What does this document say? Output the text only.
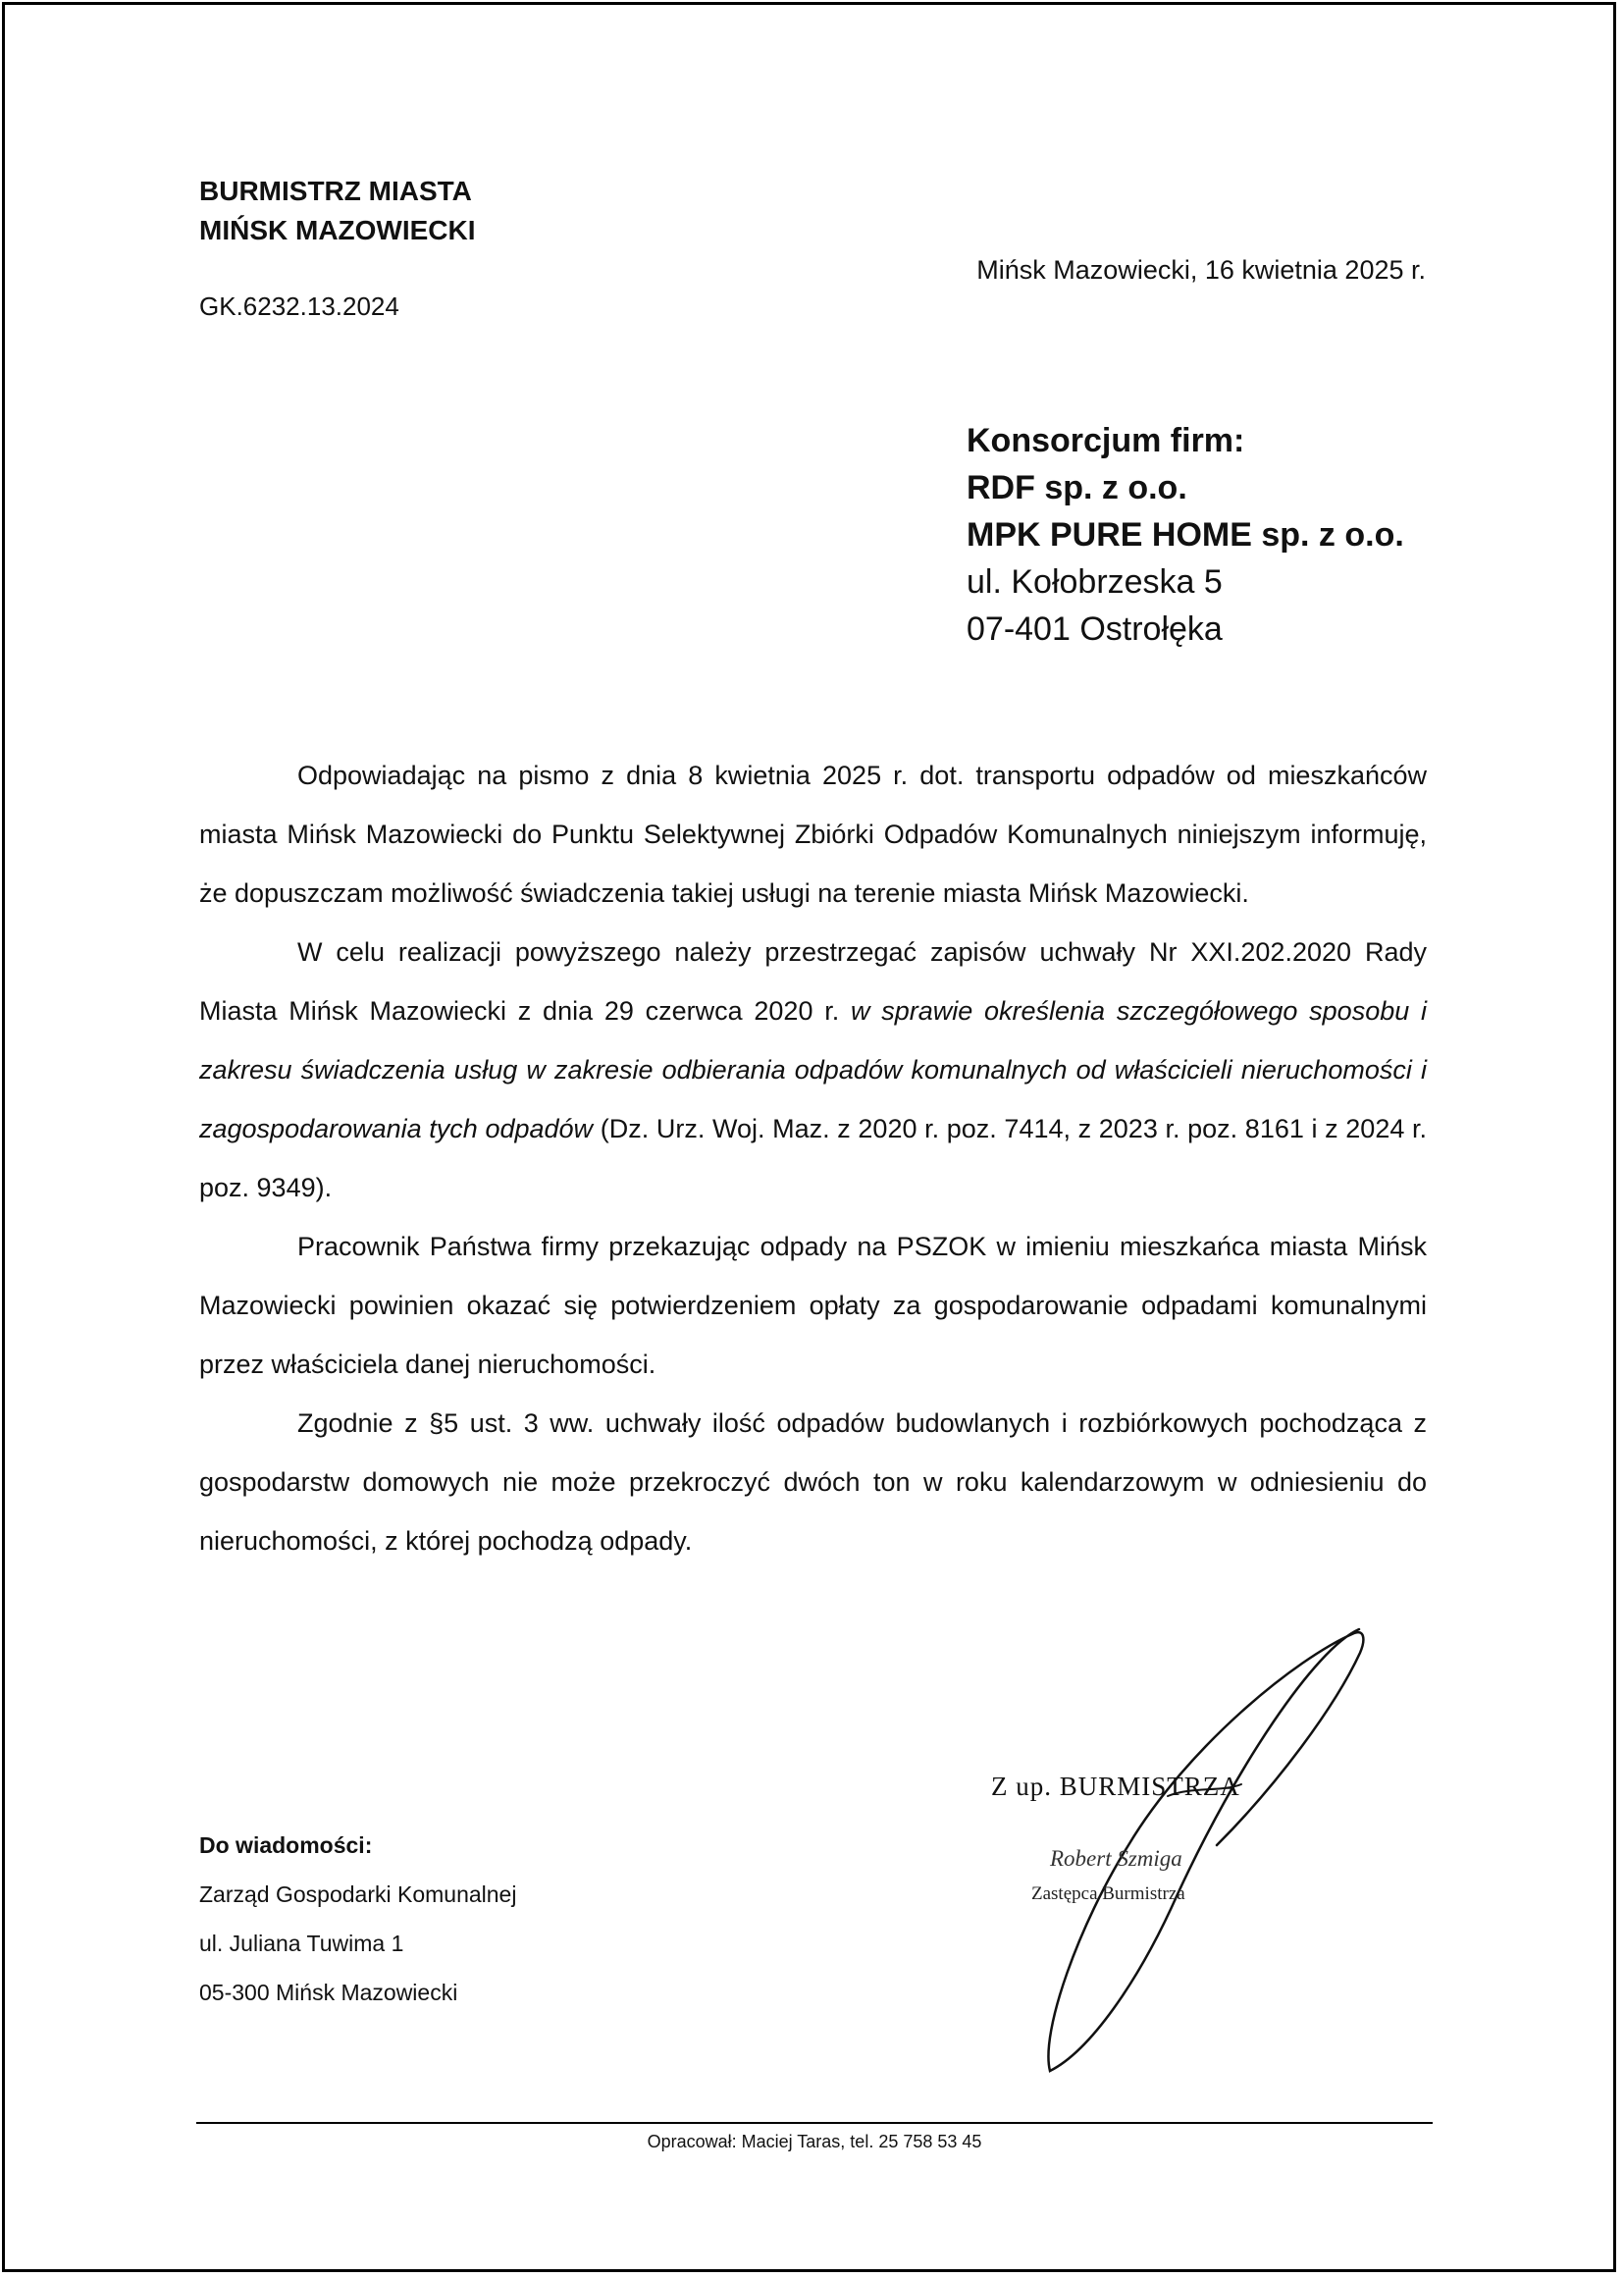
BURMISTRZ MIASTA
MIŃSK MAZOWIECKI
GK.6232.13.2024
Mińsk Mazowiecki, 16 kwietnia 2025 r.
Konsorcjum firm:
RDF sp. z o.o.
MPK PURE HOME sp. z o.o.
ul. Kołobrzeska 5
07-401 Ostrołęka

Odpowiadając na pismo z dnia 8 kwietnia 2025 r. dot. transportu odpadów od mieszkańców miasta Mińsk Mazowiecki do Punktu Selektywnej Zbiórki Odpadów Komunalnych niniejszym informuję, że dopuszczam możliwość świadczenia takiej usługi na terenie miasta Mińsk Mazowiecki.

W celu realizacji powyższego należy przestrzegać zapisów uchwały Nr XXI.202.2020 Rady Miasta Mińsk Mazowiecki z dnia 29 czerwca 2020 r. w sprawie określenia szczegółowego sposobu i zakresu świadczenia usług w zakresie odbierania odpadów komunalnych od właścicieli nieruchomości i zagospodarowania tych odpadów (Dz. Urz. Woj. Maz. z 2020 r. poz. 7414, z 2023 r. poz. 8161 i z 2024 r. poz. 9349).

Pracownik Państwa firmy przekazując odpady na PSZOK w imieniu mieszkańca miasta Mińsk Mazowiecki powinien okazać się potwierdzeniem opłaty za gospodarowanie odpadami komunalnymi przez właściciela danej nieruchomości.

Zgodnie z §5 ust. 3 ww. uchwały ilość odpadów budowlanych i rozbiórkowych pochodząca z gospodarstw domowych nie może przekroczyć dwóch ton w roku kalendarzowym w odniesieniu do nieruchomości, z której pochodzą odpady.

Z up. BURMISTRZA
Robert Szmiga
Zastępca Burmistrza
Do wiadomości:
Zarząd Gospodarki Komunalnej
ul. Juliana Tuwima 1
05-300 Mińsk Mazowiecki
Opracował: Maciej Taras, tel. 25 758 53 45
